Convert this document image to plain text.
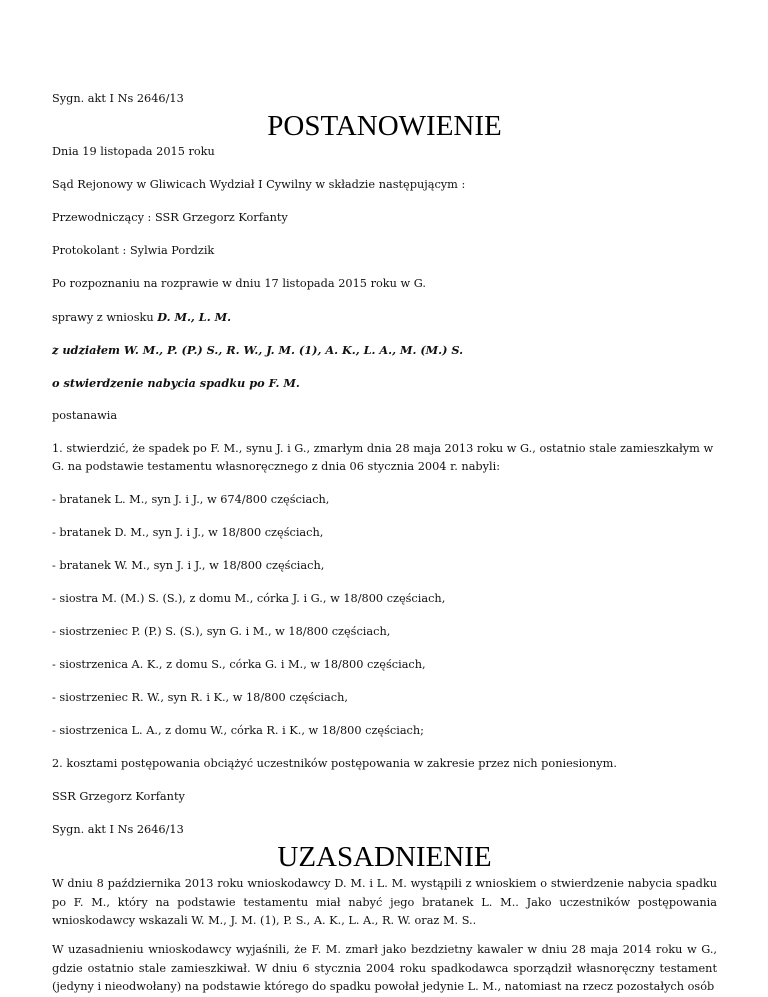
Sygn. akt I Ns 2646/13
POSTANOWIENIE
Dnia 19 listopada 2015 roku
Sąd Rejonowy w Gliwicach Wydział I Cywilny w składzie następującym :
Przewodniczący : SSR Grzegorz Korfanty
Protokolant : Sylwia Pordzik
Po rozpoznaniu na rozprawie w dniu 17 listopada 2015 roku w G.
sprawy z wniosku D. M., L. M.
z udziałem W. M., P. (P.) S., R. W., J. M. (1), A. K., L. A., M. (M.) S.
o stwierdzenie nabycia spadku po F. M.
postanawia
1. stwierdzić, że spadek po F. M., synu J. i G., zmarłym dnia 28 maja 2013 roku w G., ostatnio stale zamieszkałym w
G. na podstawie testamentu własnoręcznego z dnia 06 stycznia 2004 r. nabyli:
- bratanek L. M., syn J. i J., w 674/800 częściach,
- bratanek D. M., syn J. i J., w 18/800 częściach,
- bratanek W. M., syn J. i J., w 18/800 częściach,
- siostra M. (M.) S. (S.), z domu M., córka J. i G., w 18/800 częściach,
- siostrzeniec P. (P.) S. (S.), syn G. i M., w 18/800 częściach,
- siostrzenica A. K., z domu S., córka G. i M., w 18/800 częściach,
- siostrzeniec R. W., syn R. i K., w 18/800 częściach,
- siostrzenica L. A., z domu W., córka R. i K., w 18/800 częściach;
2. kosztami postępowania obciążyć uczestników postępowania w zakresie przez nich poniesionym.
SSR Grzegorz Korfanty
Sygn. akt I Ns 2646/13
UZASADNIENIE
W dniu 8 października 2013 roku wnioskodawcy D. M. i L. M. wystąpili z wnioskiem o stwierdzenie nabycia spadku po F. M., który na podstawie testamentu miał nabyć jego bratanek L. M.. Jako uczestników postępowania wnioskodawcy wskazali W. M., J. M. (1), P. S., A. K., L. A., R. W. oraz M. S..
W uzasadnieniu wnioskodawcy wyjaśnili, że F. M. zmarł jako bezdzietny kawaler w dniu 28 maja 2014 roku w G., gdzie ostatnio stale zamieszkiwał. W dniu 6 stycznia 2004 roku spadkodawca sporządził własnoręczny testament (jedyny i nieodwołany) na podstawie którego do spadku powołał jedynie L. M., natomiast na rzecz pozostałych osób
